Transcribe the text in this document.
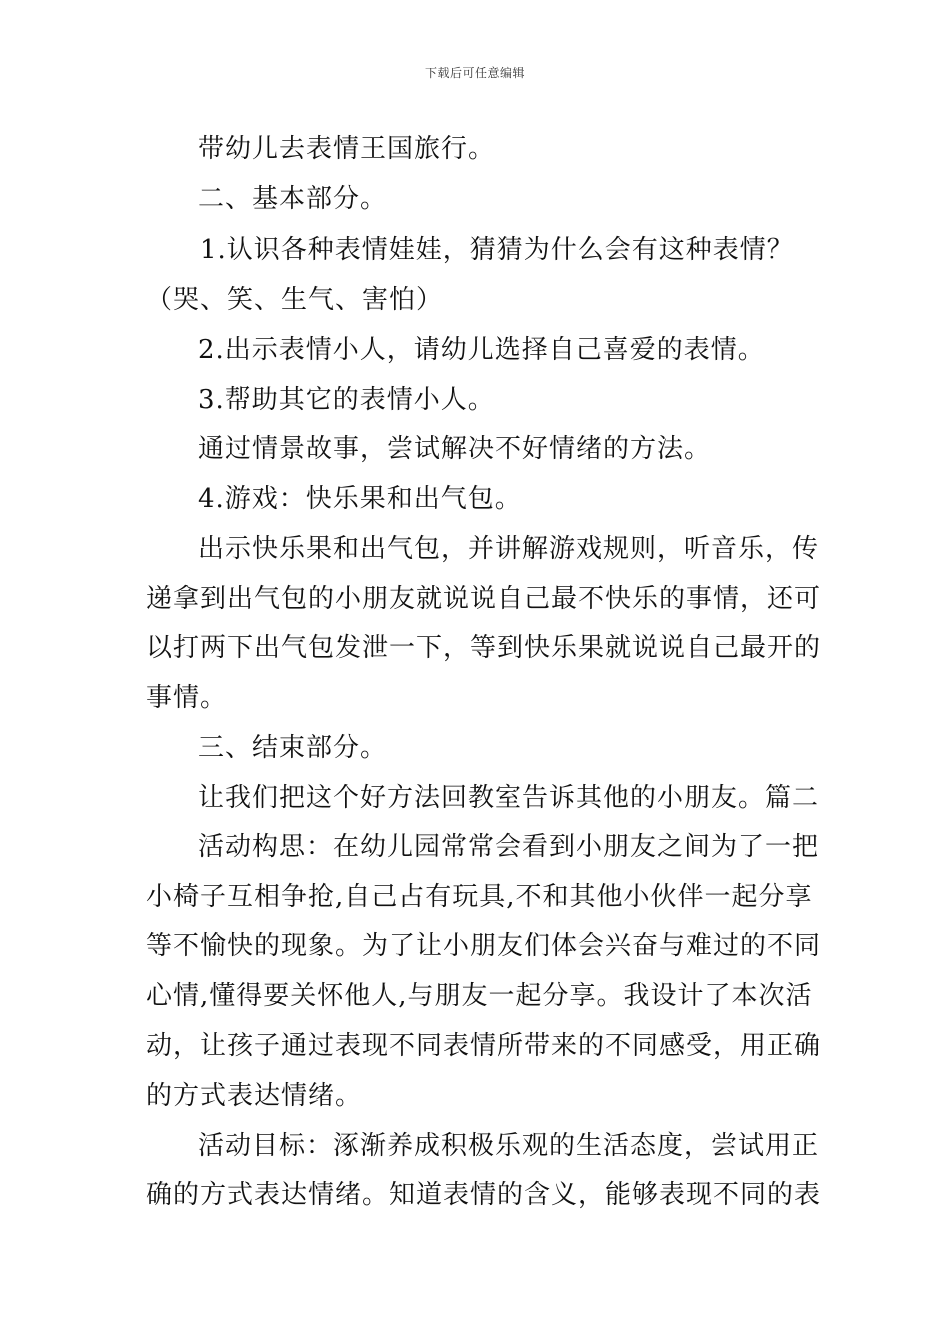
下载后可任意编辑
带幼儿去表情王国旅行。
二、基本部分。
1.认识各种表情娃娃，猜猜为什么会有这种表情？
（哭、笑、生气、害怕）
2.出示表情小人，请幼儿选择自己喜爱的表情。
3.帮助其它的表情小人。
通过情景故事，尝试解决不好情绪的方法。
4.游戏：快乐果和出气包。
出示快乐果和出气包，并讲解游戏规则，听音乐，传
递拿到出气包的小朋友就说说自己最不快乐的事情，还可
以打两下出气包发泄一下，等到快乐果就说说自己最开的
事情。
三、结束部分。
让我们把这个好方法回教室告诉其他的小朋友。篇二
活动构思：在幼儿园常常会看到小朋友之间为了一把
小椅子互相争抢,自己占有玩具,不和其他小伙伴一起分享
等不愉快的现象。为了让小朋友们体会兴奋与难过的不同
心情,懂得要关怀他人,与朋友一起分享。我设计了本次活
动，让孩子通过表现不同表情所带来的不同感受，用正确
的方式表达情绪。
活动目标：涿渐养成积极乐观的生活态度，尝试用正
确的方式表达情绪。知道表情的含义，能够表现不同的表
